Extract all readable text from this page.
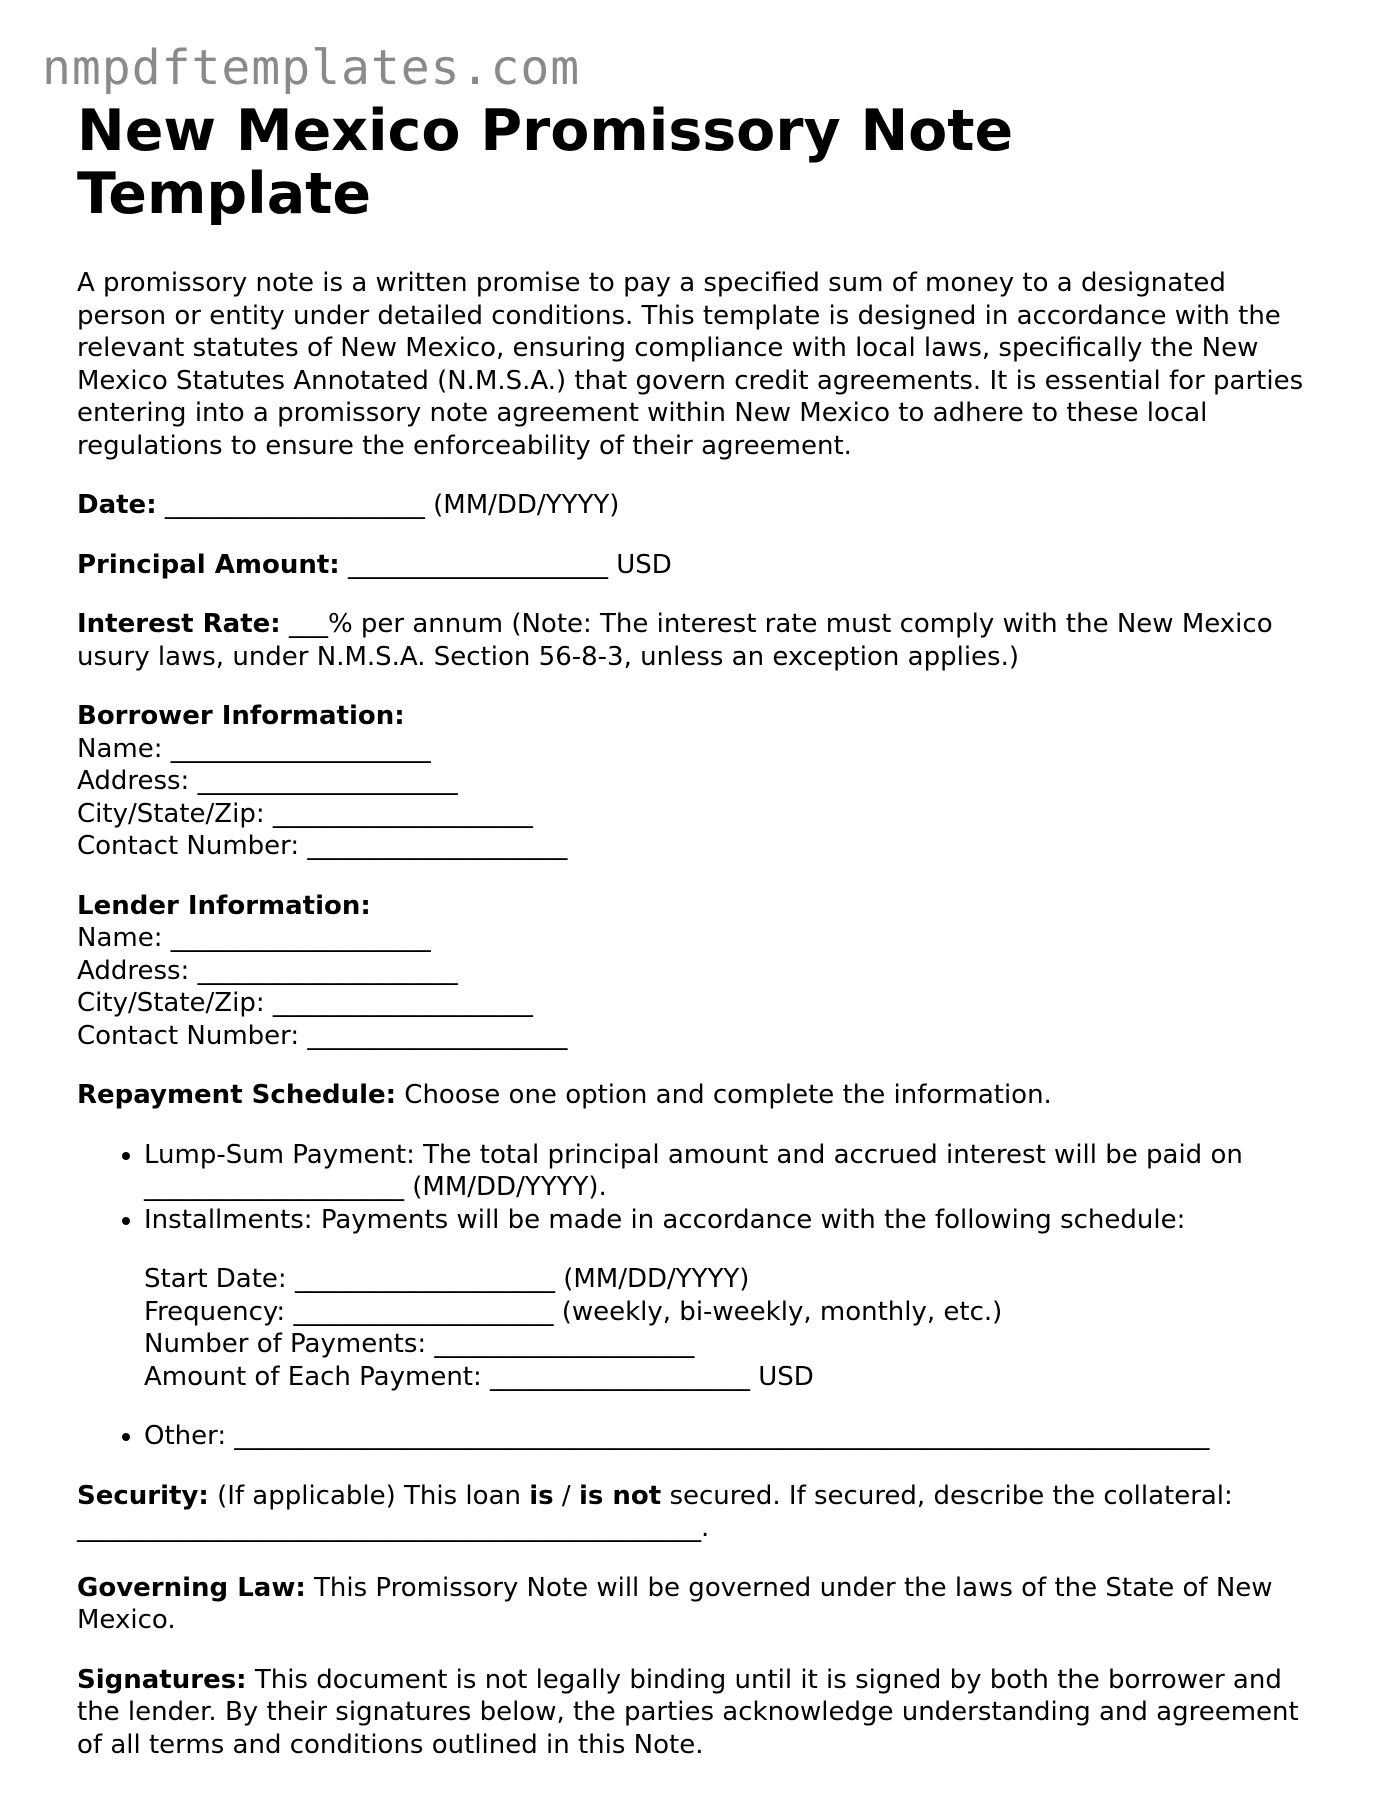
nmpdftemplates.com
New Mexico Promissory Note Template

A promissory note is a written promise to pay a specified sum of money to a designated person or entity under detailed conditions. This template is designed in accordance with the relevant statutes of New Mexico, ensuring compliance with local laws, specifically the New Mexico Statutes Annotated (N.M.S.A.) that govern credit agreements. It is essential for parties entering into a promissory note agreement within New Mexico to adhere to these local regulations to ensure the enforceability of their agreement.

Date: ____________________ (MM/DD/YYYY)

Principal Amount: ____________________ USD

Interest Rate: ___% per annum (Note: The interest rate must comply with the New Mexico usury laws, under N.M.S.A. Section 56-8-3, unless an exception applies.)

Borrower Information:
Name: ____________________
Address: ____________________
City/State/Zip: ____________________
Contact Number: ____________________
Lender Information:
Name: ____________________
Address: ____________________
City/State/Zip: ____________________
Contact Number: ____________________

Repayment Schedule: Choose one option and complete the information.

• Lump-Sum Payment: The total principal amount and accrued interest will be paid on ____________________ (MM/DD/YYYY).
• Installments: Payments will be made in accordance with the following schedule:
Start Date: ____________________ (MM/DD/YYYY)
Frequency: ____________________ (weekly, bi-weekly, monthly, etc.)
Number of Payments: ____________________
Amount of Each Payment: ____________________ USD
• Other: ___________________________________________________________________________

Security: (If applicable) This loan is / is not secured. If secured, describe the collateral: ________________________________________________.

Governing Law: This Promissory Note will be governed under the laws of the State of New Mexico.

Signatures: This document is not legally binding until it is signed by both the borrower and the lender. By their signatures below, the parties acknowledge understanding and agreement of all terms and conditions outlined in this Note.
